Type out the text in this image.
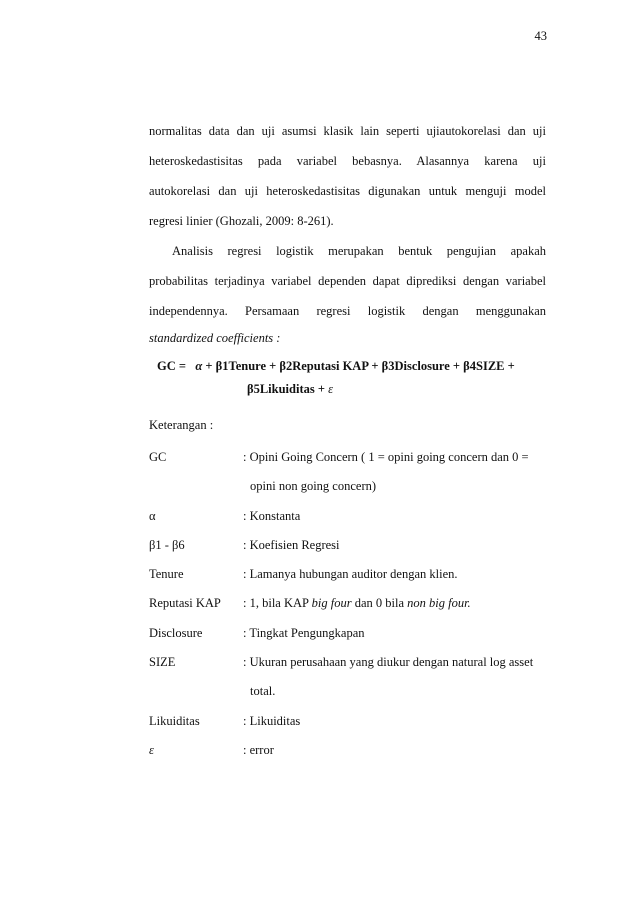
43
normalitas data dan uji asumsi klasik lain seperti ujiautokorelasi dan uji
heteroskedastisitas pada variabel bebasnya. Alasannya karena uji
autokorelasi dan uji heteroskedastisitas digunakan untuk menguji model
regresi linier (Ghozali, 2009: 8-261).
Analisis regresi logistik merupakan bentuk pengujian apakah
probabilitas terjadinya variabel dependen dapat diprediksi dengan variabel
independennya. Persamaan regresi logistik dengan menggunakan
standardized coefficients :
GC = α + β1Tenure + β2Reputasi KAP + β3Disclosure + β4SIZE +
β5Likuiditas + ε
Keterangan :
GC	: Opini Going Concern ( 1 = opini going concern dan 0 =
opini non going concern)
α	: Konstanta
β1 - β6	: Koefisien Regresi
Tenure	: Lamanya hubungan auditor dengan klien.
Reputasi KAP : 1, bila KAP big four dan 0 bila non big four.
Disclosure	: Tingkat Pengungkapan
SIZE	: Ukuran perusahaan yang diukur dengan natural log asset
total.
Likuiditas	: Likuiditas
ε	: error
